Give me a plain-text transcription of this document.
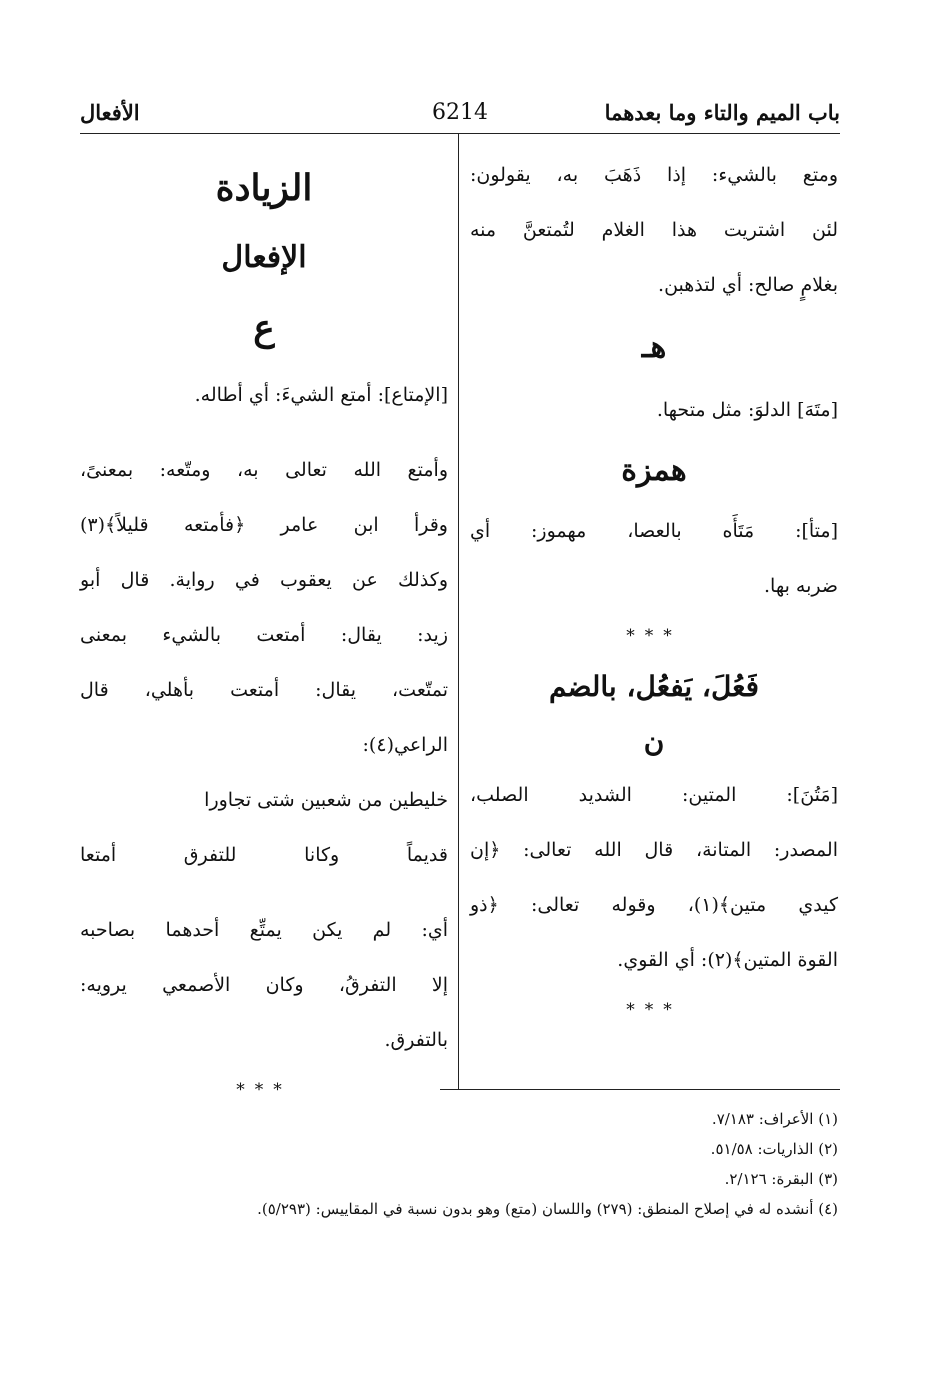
باب الميم والتاء وما بعدهما
6214
الأفعال
ومتع بالشيء: إذا ذَهَبَ به، يقولون:
لئن اشتريت هذا الغلام لتُمتعنَّ منه
بغلامٍ صالح: أي لتذهبن.
هـ
[متَهَ] الدلوَ: مثل متحها.
همزة
[متأ]: مَتَأَه بالعصا، مهموز: أي
ضربه بها.
***
فَعُلَ، يَفعُل، بالضم
ن
[مَتُنَ]: المتين: الشديد الصلب،
المصدر: المتانة، قال الله تعالى: ﴿إن
كيدي متين﴾(١)، وقوله تعالى: ﴿ذو
القوة المتين﴾(٢): أي القوي.
***
الزيادة
الإفعال
ع
[الإمتاع]: أمتع الشيءَ: أي أطاله.
وأمتع الله تعالى به، ومتّعه: بمعنىً،
وقرأ ابن عامر ﴿فأمتعه قليلاً﴾(٣)
وكذلك عن يعقوب في رواية. قال أبو
زيد: يقال: أمتعت بالشيء بمعنى
تمتّعت، يقال: أمتعت بأهلي، قال
الراعي(٤):
خليطين من شعبين شتى تجاورا
قديماً وكانا للتفرق أمتعا
أي: لم يكن يمتِّع أحدهما بصاحبه
إلا التفرقُ، وكان الأصمعي يرويه:
بالتفرق.
***
(١) الأعراف: ٧/١٨٣.
(٢) الذاريات: ٥١/٥٨.
(٣) البقرة: ٢/١٢٦.
(٤) أنشده له في إصلاح المنطق: (٢٧٩) واللسان (متع) وهو بدون نسبة في المقاييس: (٥/٢٩٣).
